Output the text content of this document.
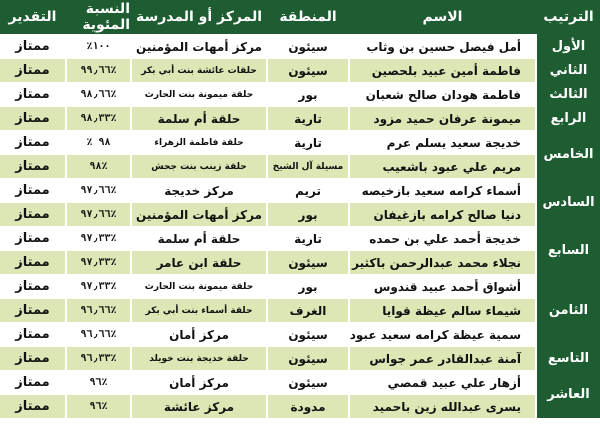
الترتيب
الاسم
المنطقة
المركز أو المدرسة
النسبة المئوية
التقدير
الأول
الثاني
الثالث
الرابع
الخامس
السادس
السابع
الثامن
التاسع
العاشر
أمل فيصل حسين بن وثاب
سيئون
مركز أمهات المؤمنين
١٠٠٪
ممتاز
فاطمة أمين عبيد بلحصين
سيئون
حلقات عائشة بنت أبي بكر
٪٩٩٫٦٦
ممتاز
فاطمة هودان صالح شعبان
بور
حلقة ميمونة بنت الحارث
٪٩٨٫٦٦
ممتاز
ميمونة عرفان حميد مزود
تارية
حلقة أم سلمة
٪٩٨٫٣٣
ممتاز
خديجة سعيد يسلم عرم
تارية
حلقة فاطمة الزهراء
٩٨ ٪
ممتاز
مريم علي عبود باشعيب
مسيلة آل الشيخ
حلقة زينب بنت جحش
٪٩٨
ممتاز
أسماء كرامه سعيد بازخيصه
تريم
مركز خديجة
٪٩٧٫٦٦
ممتاز
دنيا صالح كرامه بازغيفان
بور
مركز أمهات المؤمنين
٪٩٧٫٦٦
ممتاز
خديجة أحمد علي بن حمده
تارية
حلقة أم سلمة
٪٩٧٫٣٣
ممتاز
نجلاء محمد عبدالرحمن باكثير
سيئون
حلقة ابن عامر
٪٩٧٫٣٣
ممتاز
أشواق أحمد عبيد قندوس
بور
حلقة ميمونة بنت الحارث
٪٩٧٫٣٣
ممتاز
شيماء سالم عيظة قوايا
الغرف
حلقة أسماء بنت أبي بكر
٪٩٦٫٦٦
ممتاز
سمية عيظة كرامه سعيد عبود
سيئون
مركز أمان
٪٩٦٫٦٦
ممتاز
آمنة عبدالقادر عمر جواس
سيئون
حلقة خديجة بنت خويلد
٪٩٦٫٣٣
ممتاز
أزهار علي عبيد قمصي
سيئون
مركز أمان
٪٩٦
ممتاز
يسرى عبدالله زين باحميد
مدودة
مركز عائشة
٪٩٦
ممتاز
